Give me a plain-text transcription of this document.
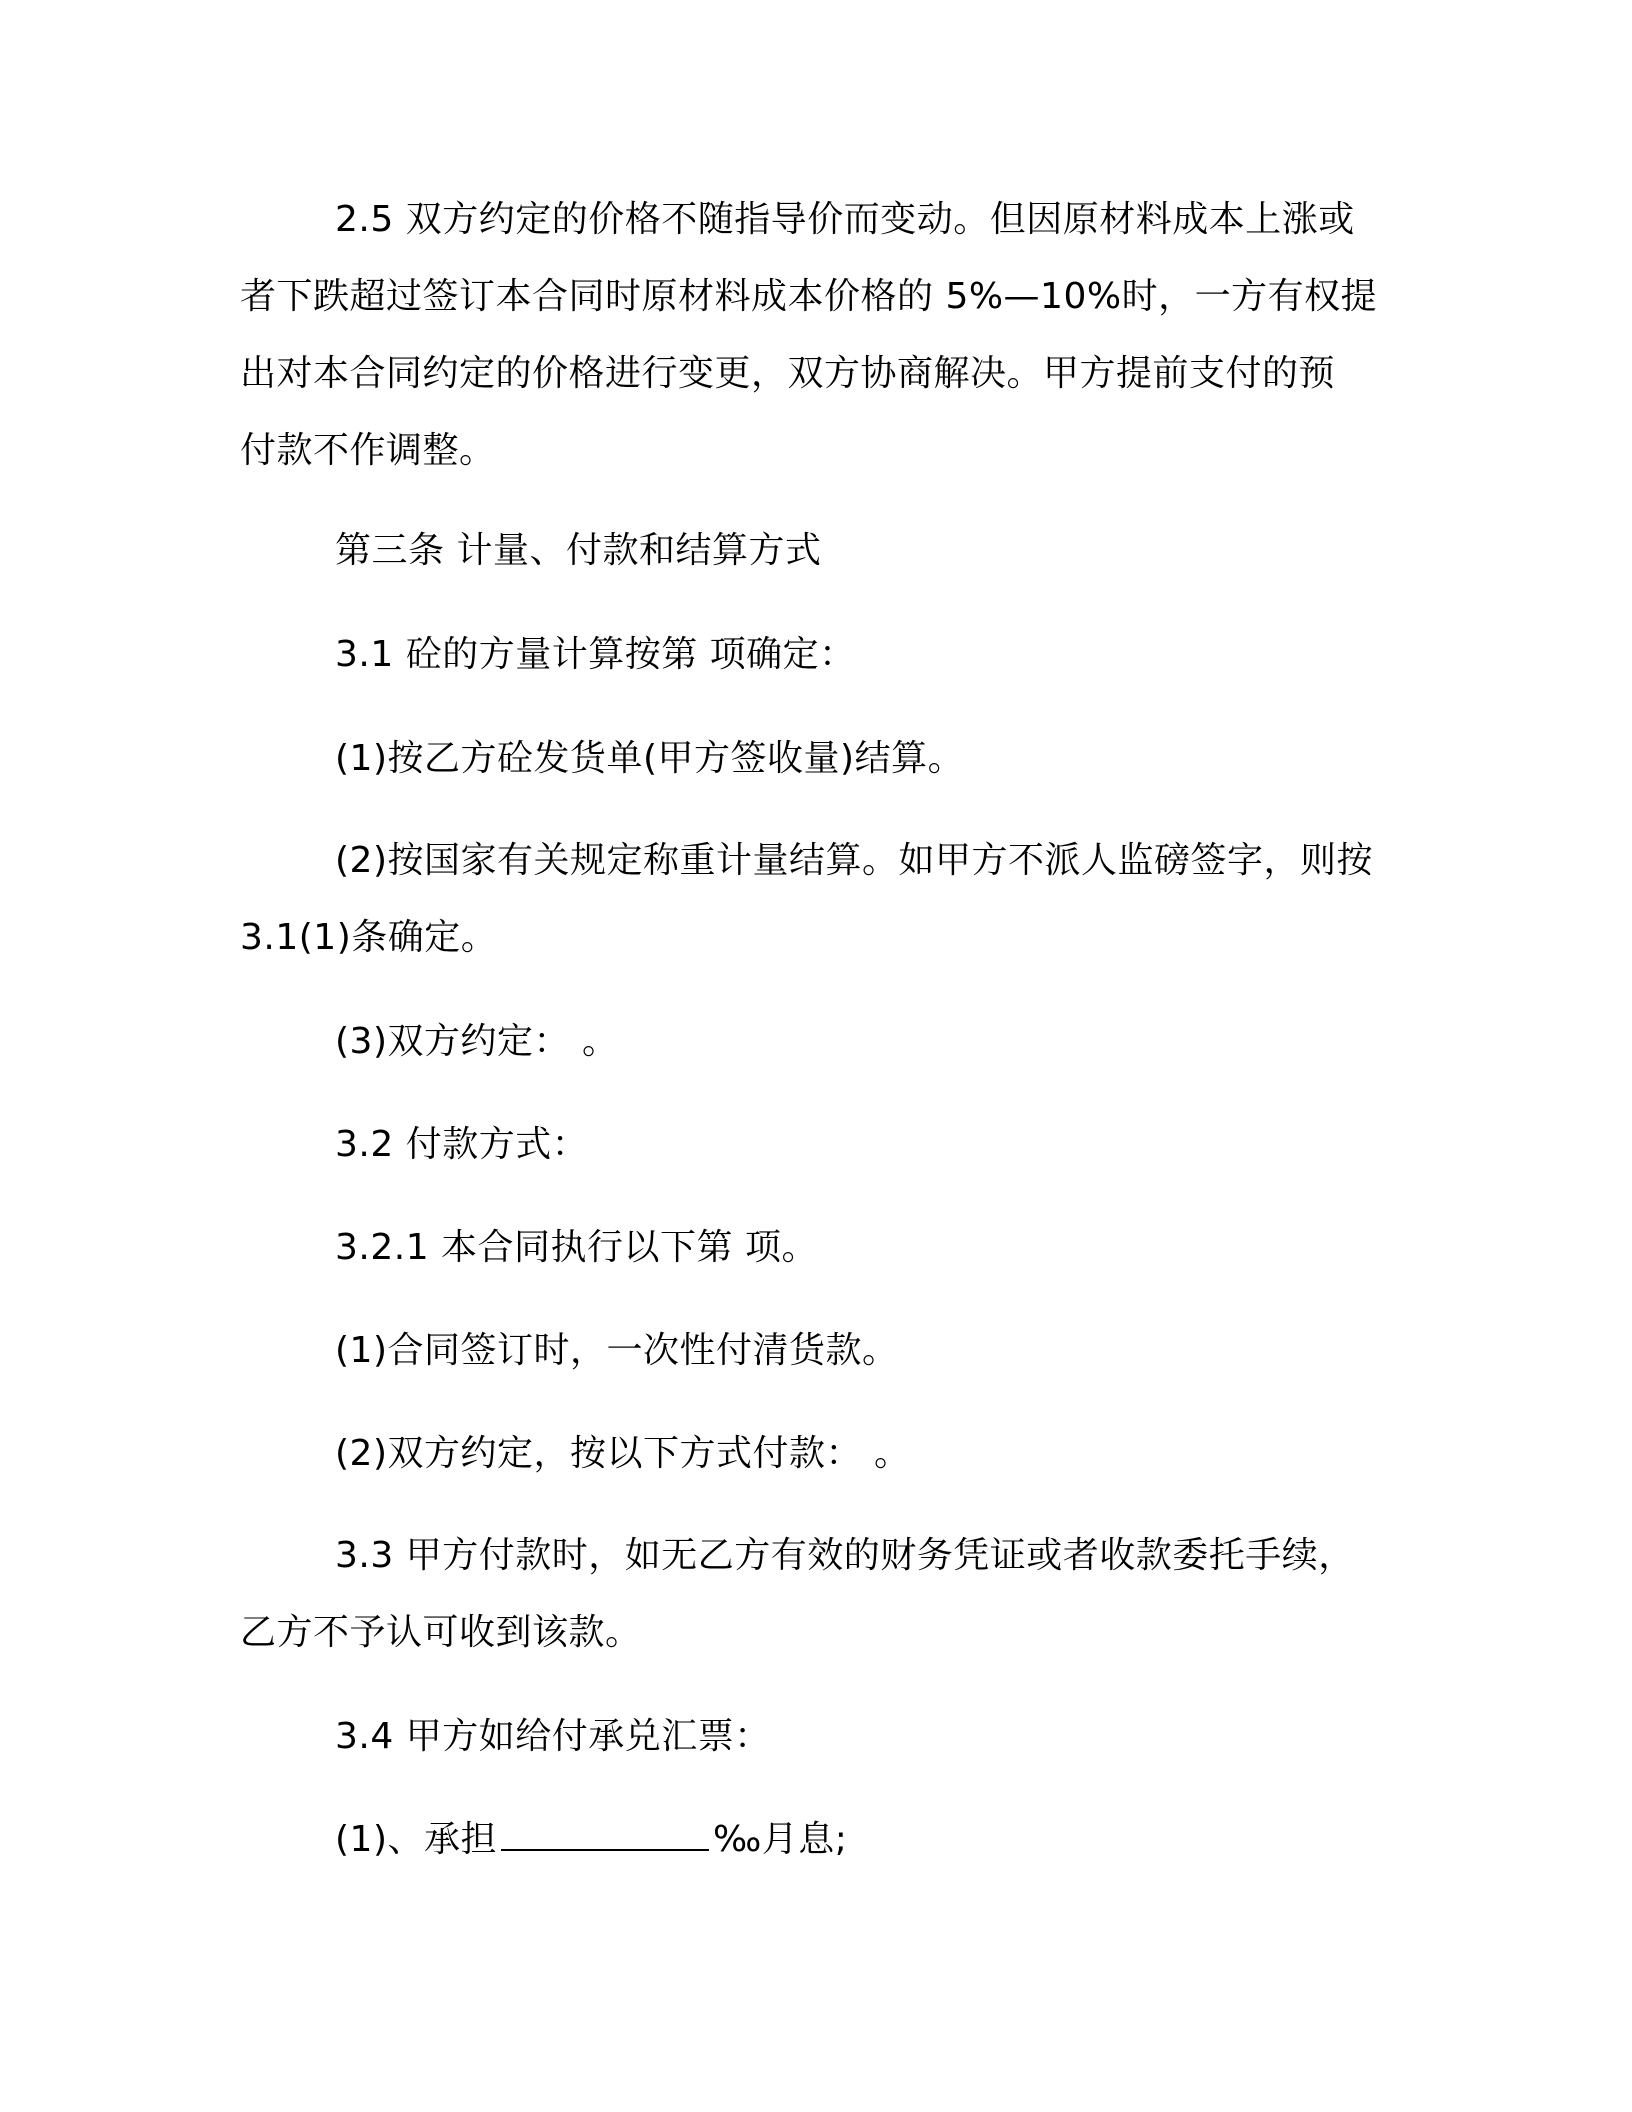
2.5 双方约定的价格不随指导价而变动。但因原材料成本上涨或

者下跌超过签订本合同时原材料成本价格的 5%—10%时，一方有权提

出对本合同约定的价格进行变更，双方协商解决。甲方提前支付的预

付款不作调整。

第三条 计量、付款和结算方式

3.1 砼的方量计算按第 项确定：

(1)按乙方砼发货单(甲方签收量)结算。

(2)按国家有关规定称重计量结算。如甲方不派人监磅签字，则按

3.1(1)条确定。

(3)双方约定： 。

3.2 付款方式：

3.2.1 本合同执行以下第 项。

(1)合同签订时，一次性付清货款。

(2)双方约定，按以下方式付款： 。

3.3 甲方付款时，如无乙方有效的财务凭证或者收款委托手续，

乙方不予认可收到该款。

3.4 甲方如给付承兑汇票：

(1)、承担	‰月息;
